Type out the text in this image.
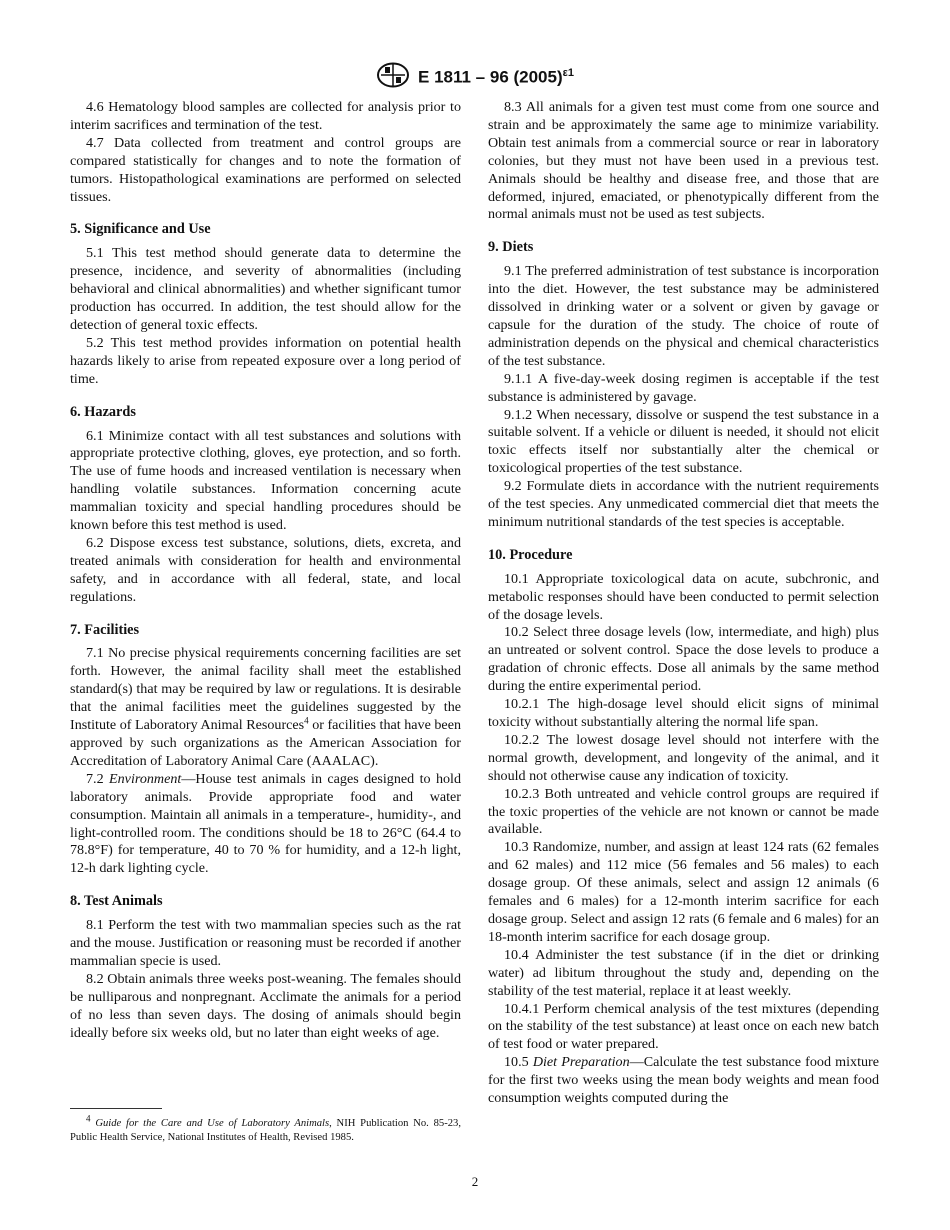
E 1811 – 96 $(2005)^{\varepsilon 1}$

4.6 Hematology blood samples are collected for analysis prior to interim sacrifices and termination of the test.

4.7 Data collected from treatment and control groups are compared statistically for changes and to note the formation of tumors. Histopathological examinations are performed on selected tissues.

5. Significance and Use

5.1 This test method should generate data to determine the presence, incidence, and severity of abnormalities (including behavioral and clinical abnormalities) and whether significant tumor production has occurred. In addition, the test should allow for the detection of general toxic effects.

5.2 This test method provides information on potential health hazards likely to arise from repeated exposure over a long period of time.

6. Hazards

6.1 Minimize contact with all test substances and solutions with appropriate protective clothing, gloves, eye protection, and so forth. The use of fume hoods and increased ventilation is necessary when handling volatile substances. Information concerning acute mammalian toxicity and special handling procedures should be known before this test method is used.

6.2 Dispose excess test substance, solutions, diets, excreta, and treated animals with consideration for health and environmental safety, and in accordance with all federal, state, and local regulations.

7. Facilities

7.1 No precise physical requirements concerning facilities are set forth. However, the animal facility shall meet the established standard(s) that may be required by law or regulations. It is desirable that the animal facilities meet the guidelines suggested by the Institute of Laboratory Animal Resources$^4$ or facilities that have been approved by such organizations as the American Association for Accreditation of Laboratory Animal Care (AAALAC).

7.2 Environment—House test animals in cages designed to hold laboratory animals. Provide appropriate food and water consumption. Maintain all animals in a temperature-, humidity-, and light-controlled room. The conditions should be 18 to 26°C (64.4 to 78.8°F) for temperature, 40 to 70 % for humidity, and a 12-h light, 12-h dark lighting cycle.

8. Test Animals

8.1 Perform the test with two mammalian species such as the rat and the mouse. Justification or reasoning must be recorded if another mammalian specie is used.

8.2 Obtain animals three weeks post-weaning. The females should be nulliparous and nonpregnant. Acclimate the animals for a period of no less than seven days. The dosing of animals should begin ideally before six weeks old, but no later than eight weeks of age.

8.3 All animals for a given test must come from one source and strain and be approximately the same age to minimize variability. Obtain test animals from a commercial source or rear in laboratory colonies, but they must not have been used in a previous test. Animals should be healthy and disease free, and those that are deformed, injured, emaciated, or phenotypically different from the normal animals must not be used as test subjects.

9. Diets

9.1 The preferred administration of test substance is incorporation into the diet. However, the test substance may be administered dissolved in drinking water or a solvent or given by gavage or capsule for the duration of the study. The choice of route of administration depends on the physical and chemical characteristics of the test substance.

9.1.1 A five-day-week dosing regimen is acceptable if the test substance is administered by gavage.

9.1.2 When necessary, dissolve or suspend the test substance in a suitable solvent. If a vehicle or diluent is needed, it should not elicit toxic effects itself nor substantially alter the chemical or toxicological properties of the test substance.

9.2 Formulate diets in accordance with the nutrient requirements of the test species. Any unmedicated commercial diet that meets the minimum nutritional standards of the test species is acceptable.

10. Procedure

10.1 Appropriate toxicological data on acute, subchronic, and metabolic responses should have been conducted to permit selection of the dosage levels.

10.2 Select three dosage levels (low, intermediate, and high) plus an untreated or solvent control. Space the dose levels to produce a gradation of chronic effects. Dose all animals by the same method during the entire experimental period.

10.2.1 The high-dosage level should elicit signs of minimal toxicity without substantially altering the normal life span.

10.2.2 The lowest dosage level should not interfere with the normal growth, development, and longevity of the animal, and it should not otherwise cause any indication of toxicity.

10.2.3 Both untreated and vehicle control groups are required if the toxic properties of the vehicle are not known or cannot be made available.

10.3 Randomize, number, and assign at least 124 rats (62 females and 62 males) and 112 mice (56 females and 56 males) to each dosage group. Of these animals, select and assign 12 animals (6 females and 6 males) for a 12-month interim sacrifice for each dosage group. Select and assign 12 rats (6 female and 6 males) for an 18-month interim sacrifice for each dosage group.

10.4 Administer the test substance (if in the diet or drinking water) ad libitum throughout the study and, depending on the stability of the test material, replace it at least weekly.

10.4.1 Perform chemical analysis of the test mixtures (depending on the stability of the test substance) at least once on each new batch of test food or water prepared.

10.5 Diet Preparation—Calculate the test substance food mixture for the first two weeks using the mean body weights and mean food consumption weights computed during the

$^4$ Guide for the Care and Use of Laboratory Animals, NIH Publication No. 85-23, Public Health Service, National Institutes of Health, Revised 1985.
2
